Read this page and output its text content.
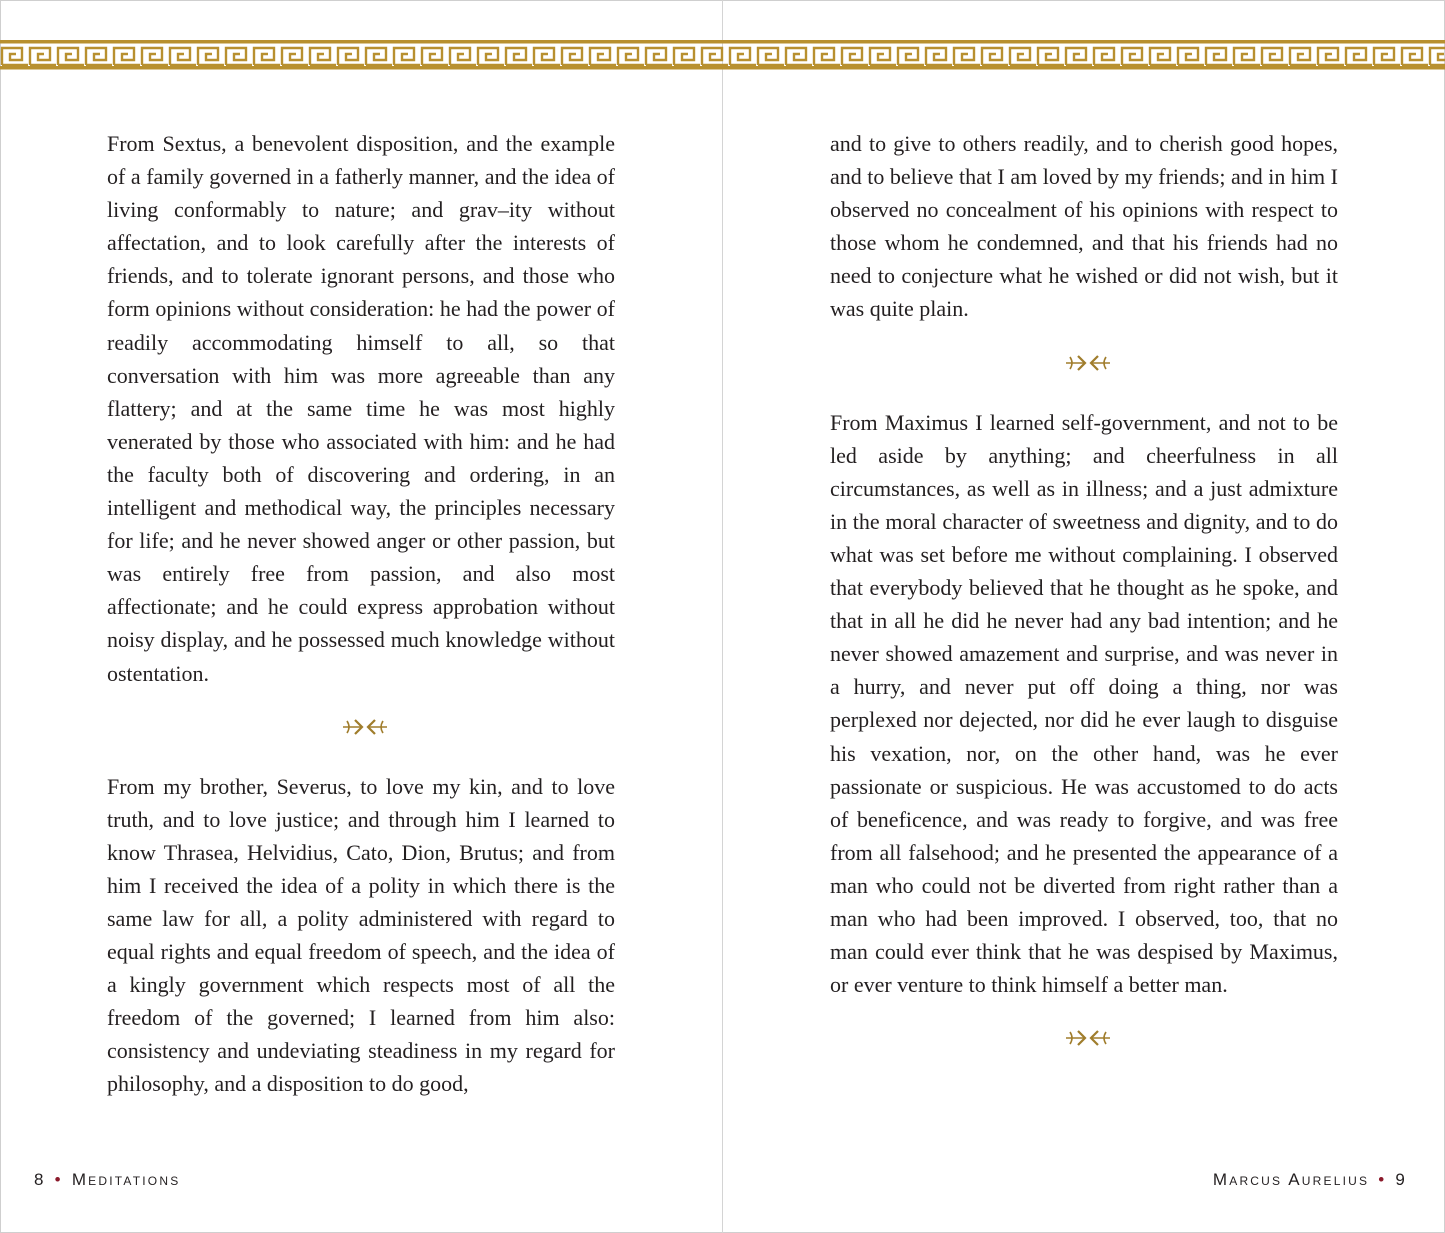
From Sextus, a benevolent disposition, and the example of a family governed in a fatherly manner, and the idea of living conformably to nature; and grav–ity without affectation, and to look carefully after the interests of friends, and to tolerate ignorant persons, and those who form opinions without consideration: he had the power of readily accommodating himself to all, so that conversation with him was more agreeable than any flattery; and at the same time he was most highly venerated by those who associated with him: and he had the faculty both of discovering and ordering, in an intelligent and methodical way, the principles necessary for life; and he never showed anger or other passion, but was entirely free from passion, and also most affectionate; and he could express approbation without noisy display, and he possessed much knowledge without ostentation.

From my brother, Severus, to love my kin, and to love truth, and to love justice; and through him I learned to know Thrasea, Helvidius, Cato, Dion, Brutus; and from him I received the idea of a polity in which there is the same law for all, a polity administered with regard to equal rights and equal freedom of speech, and the idea of a kingly government which respects most of all the freedom of the governed; I learned from him also: consistency and undeviating steadiness in my regard for philosophy, and a disposition to do good,

8 • Meditations

and to give to others readily, and to cherish good hopes, and to believe that I am loved by my friends; and in him I observed no concealment of his opinions with respect to those whom he condemned, and that his friends had no need to conjecture what he wished or did not wish, but it was quite plain.

From Maximus I learned self-government, and not to be led aside by anything; and cheerfulness in all circumstances, as well as in illness; and a just admixture in the moral character of sweetness and dignity, and to do what was set before me without complaining. I observed that everybody believed that he thought as he spoke, and that in all he did he never had any bad intention; and he never showed amazement and surprise, and was never in a hurry, and never put off doing a thing, nor was perplexed nor dejected, nor did he ever laugh to disguise his vexation, nor, on the other hand, was he ever passionate or suspicious. He was accustomed to do acts of beneficence, and was ready to forgive, and was free from all falsehood; and he presented the appearance of a man who could not be diverted from right rather than a man who had been improved. I observed, too, that no man could ever think that he was despised by Maximus, or ever venture to think himself a better man.

Marcus Aurelius • 9
